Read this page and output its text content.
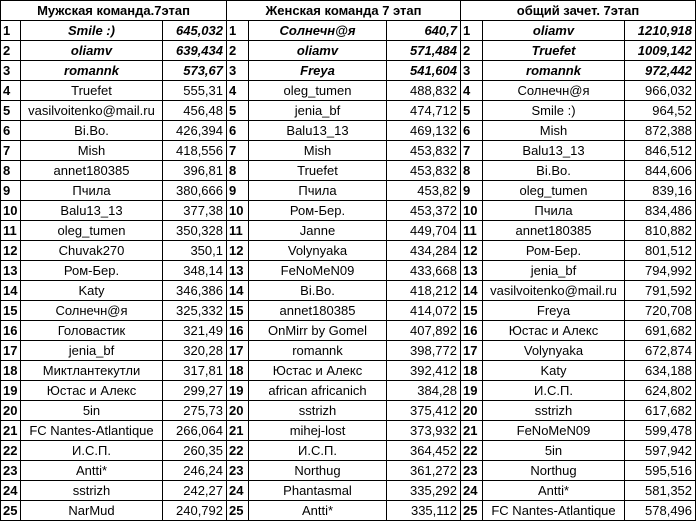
Мужская команда.7этап			Женская команда 7 этап			общий зачет. 7этап		
1	Smile :)	645,032	1	Солнечн@я	640,7	1	oliamv	1210,918
2	oliamv	639,434	2	oliamv	571,484	2	Truefet	1009,142
3	romannk	573,67	3	Freya	541,604	3	romannk	972,442
4	Truefet	555,31	4	oleg_tumen	488,832	4	Солнечн@я	966,032
5	vasilvoitenko@mail.ru	456,48	5	jenia_bf	474,712	5	Smile :)	964,52
6	Bi.Bo.	426,394	6	Balu13_13	469,132	6	Mish	872,388
7	Mish	418,556	7	Mish	453,832	7	Balu13_13	846,512
8	annet180385	396,81	8	Truefet	453,832	8	Bi.Bo.	844,606
9	Пчила	380,666	9	Пчила	453,82	9	oleg_tumen	839,16
10	Balu13_13	377,38	10	Ром-Бер.	453,372	10	Пчила	834,486
11	oleg_tumen	350,328	11	Janne	449,704	11	annet180385	810,882
12	Chuvak270	350,1	12	Volynyaka	434,284	12	Ром-Бер.	801,512
13	Ром-Бер.	348,14	13	FeNoMeN09	433,668	13	jenia_bf	794,992
14	Katy	346,386	14	Bi.Bo.	418,212	14	vasilvoitenko@mail.ru	791,592
15	Солнечн@я	325,332	15	annet180385	414,072	15	Freya	720,708
16	Головастик	321,49	16	OnMirr by Gomel	407,892	16	Юстас и Алекс	691,682
17	jenia_bf	320,28	17	romannk	398,772	17	Volynyaka	672,874
18	Миктлантекутли	317,81	18	Юстас и Алекс	392,412	18	Katy	634,188
19	Юстас и Алекс	299,27	19	african africanich	384,28	19	И.С.П.	624,802
20	5in	275,73	20	sstrizh	375,412	20	sstrizh	617,682
21	FC Nantes-Atlantique	266,064	21	mihej-lost	373,932	21	FeNoMeN09	599,478
22	И.С.П.	260,35	22	И.С.П.	364,452	22	5in	597,942
23	Antti*	246,24	23	Northug	361,272	23	Northug	595,516
24	sstrizh	242,27	24	Phantasmal	335,292	24	Antti*	581,352
25	NarMud	240,792	25	Antti*	335,112	25	FC Nantes-Atlantique	578,496
